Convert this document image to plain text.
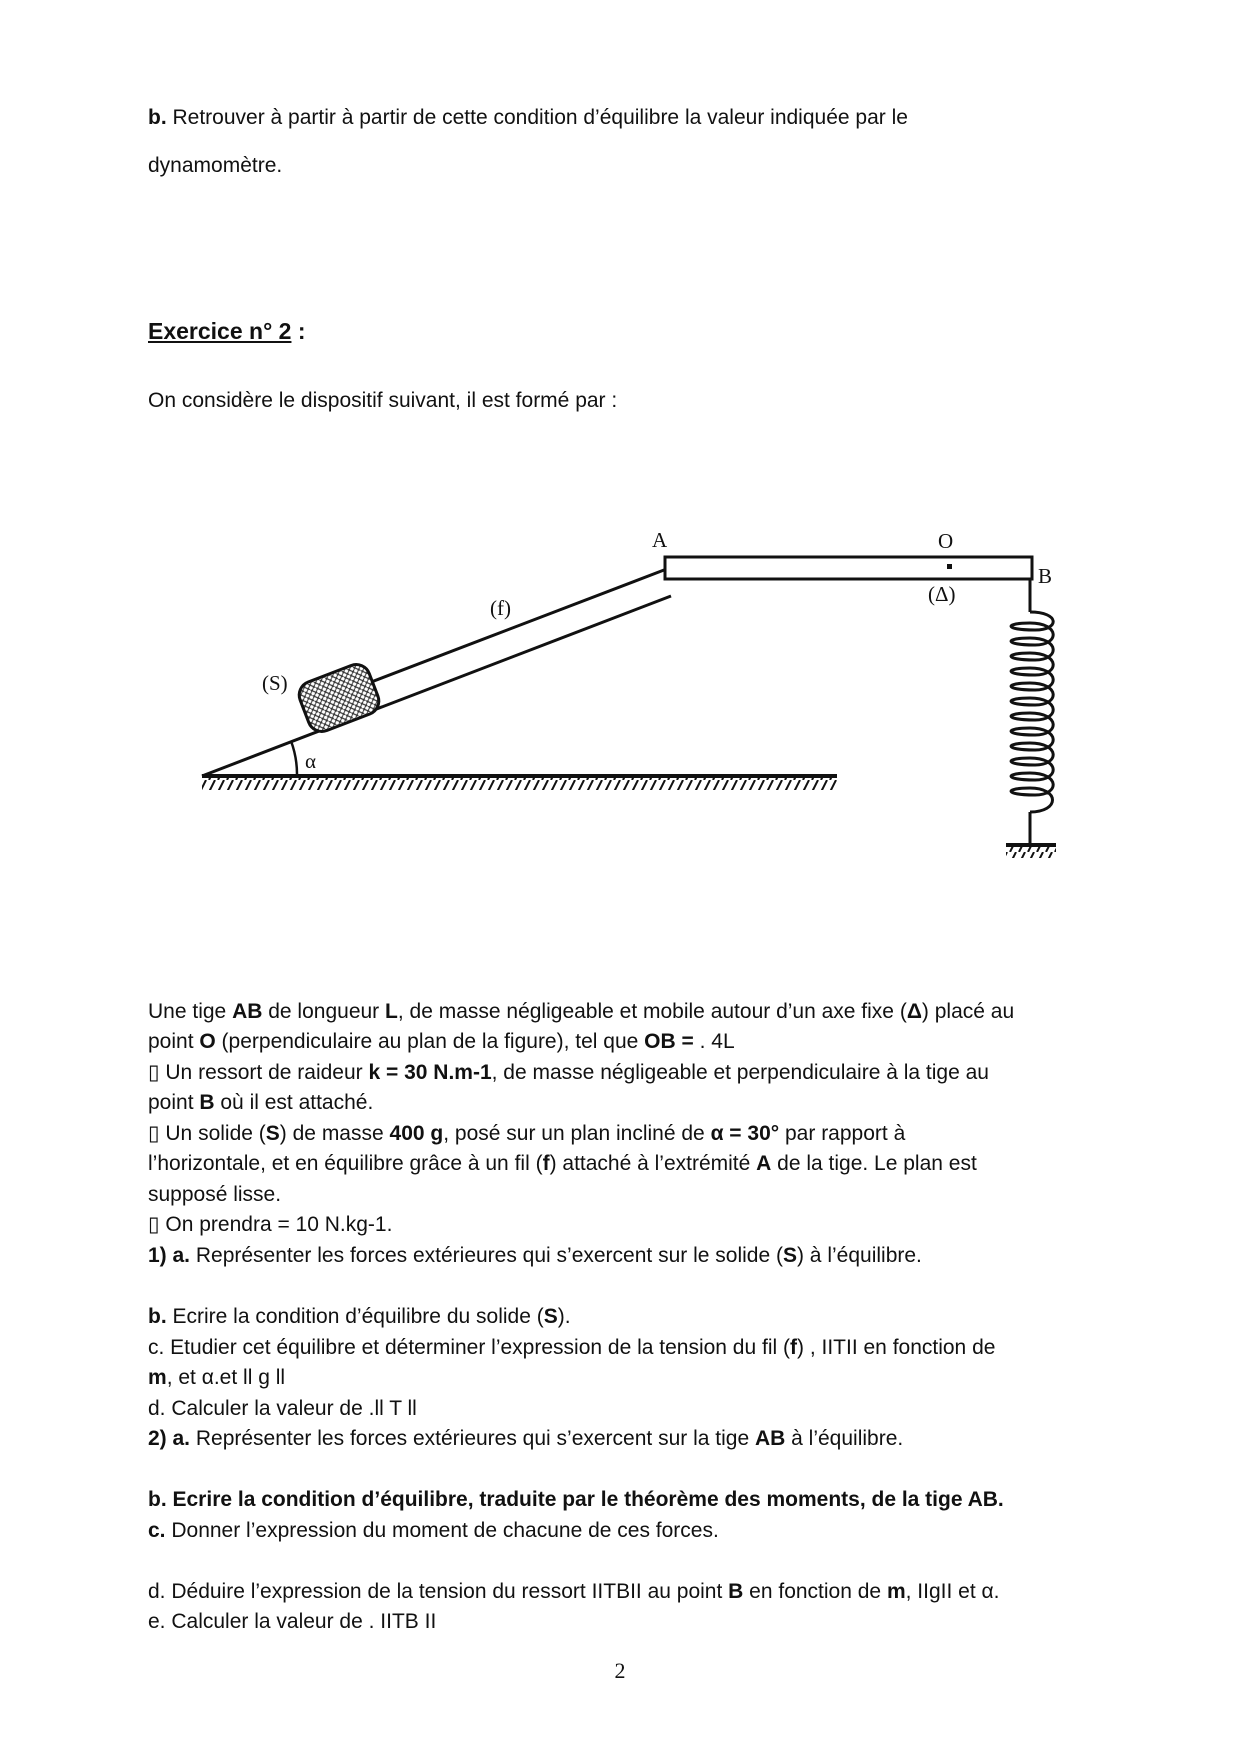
b. Retrouver à partir à partir de cette condition d’équilibre la valeur indiquée par le
dynamomètre.
Exercice n° 2 :
On considère le dispositif suivant, il est formé par :
A	O
B
(Δ)
(f)
(S)
α
Une tige AB de longueur L, de masse négligeable et mobile autour d’un axe fixe (Δ) placé au
point O (perpendiculaire au plan de la figure), tel que OB = . 4L
▯ Un ressort de raideur k = 30 N.m-1, de masse négligeable et perpendiculaire à la tige au
point B où il est attaché.
▯ Un solide (S) de masse 400 g, posé sur un plan incliné de α = 30° par rapport à
l’horizontale, et en équilibre grâce à un fil (f) attaché à l’extrémité A de la tige. Le plan est
supposé lisse.
▯ On prendra = 10 N.kg-1.
1) a. Représenter les forces extérieures qui s’exercent sur le solide (S) à l’équilibre.
b. Ecrire la condition d’équilibre du solide (S).
c. Etudier cet équilibre et déterminer l’expression de la tension du fil (f) , IITII en fonction de
m, et α.et ll g ll
d. Calculer la valeur de .ll T ll
2) a. Représenter les forces extérieures qui s’exercent sur la tige AB à l’équilibre.
b. Ecrire la condition d’équilibre, traduite par le théorème des moments, de la tige AB.
c. Donner l’expression du moment de chacune de ces forces.
d. Déduire l’expression de la tension du ressort IITBII au point B en fonction de m, IIgII et α.
e. Calculer la valeur de . IITB II
2
